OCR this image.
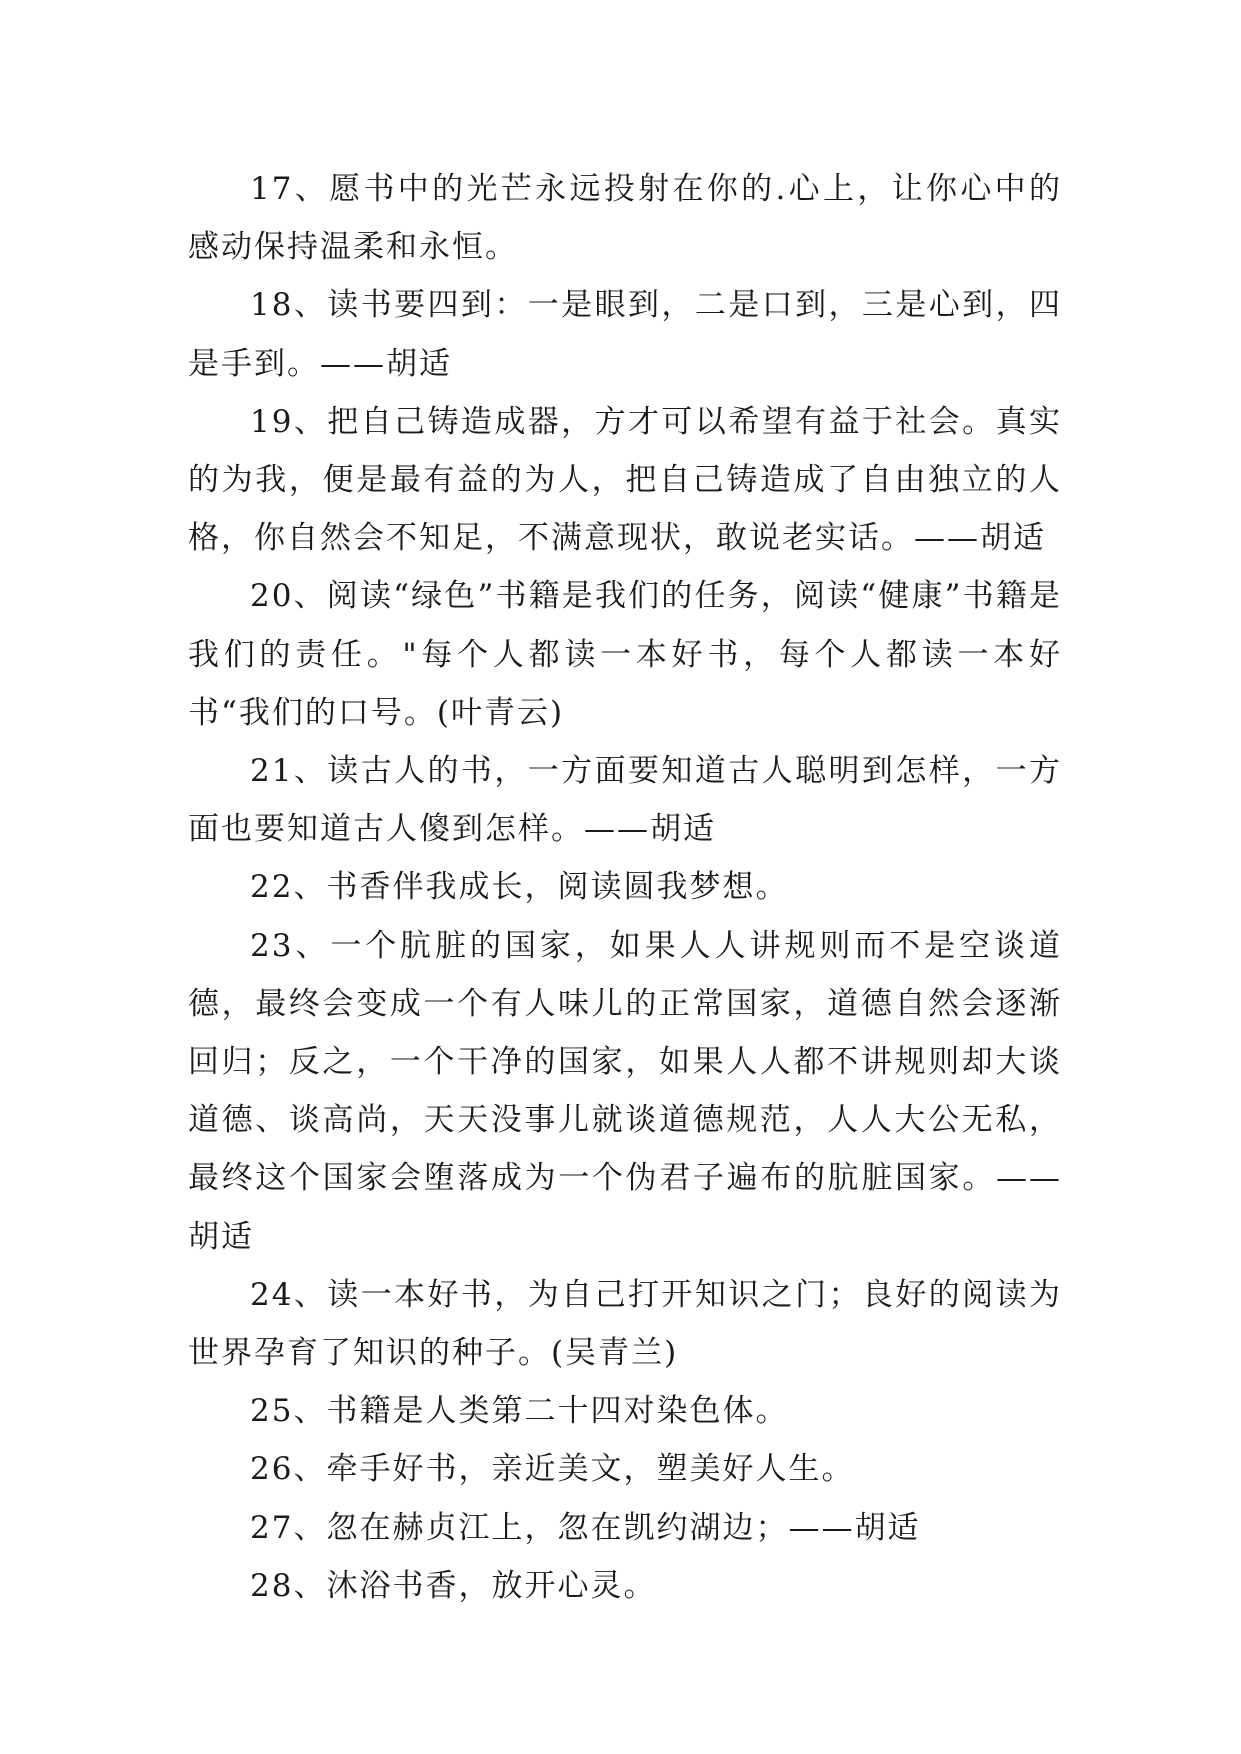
17、愿书中的光芒永远投射在你的.心上，让你心中的感动保持温柔和永恒。

18、读书要四到：一是眼到，二是口到，三是心到，四是手到。——胡适

19、把自己铸造成器，方才可以希望有益于社会。真实的为我，便是最有益的为人，把自己铸造成了自由独立的人格，你自然会不知足，不满意现状，敢说老实话。——胡适

20、阅读“绿色”书籍是我们的任务，阅读“健康”书籍是我们的责任。"每个人都读一本好书，每个人都读一本好书“我们的口号。(叶青云)

21、读古人的书，一方面要知道古人聪明到怎样，一方面也要知道古人傻到怎样。——胡适

22、书香伴我成长，阅读圆我梦想。

23、一个肮脏的国家，如果人人讲规则而不是空谈道德，最终会变成一个有人味儿的正常国家，道德自然会逐渐回归；反之，一个干净的国家，如果人人都不讲规则却大谈道德、谈高尚，天天没事儿就谈道德规范，人人大公无私，最终这个国家会堕落成为一个伪君子遍布的肮脏国家。——胡适

24、读一本好书，为自己打开知识之门；良好的阅读为世界孕育了知识的种子。(吴青兰)

25、书籍是人类第二十四对染色体。

26、牵手好书，亲近美文，塑美好人生。

27、忽在赫贞江上，忽在凯约湖边；——胡适

28、沐浴书香，放开心灵。
